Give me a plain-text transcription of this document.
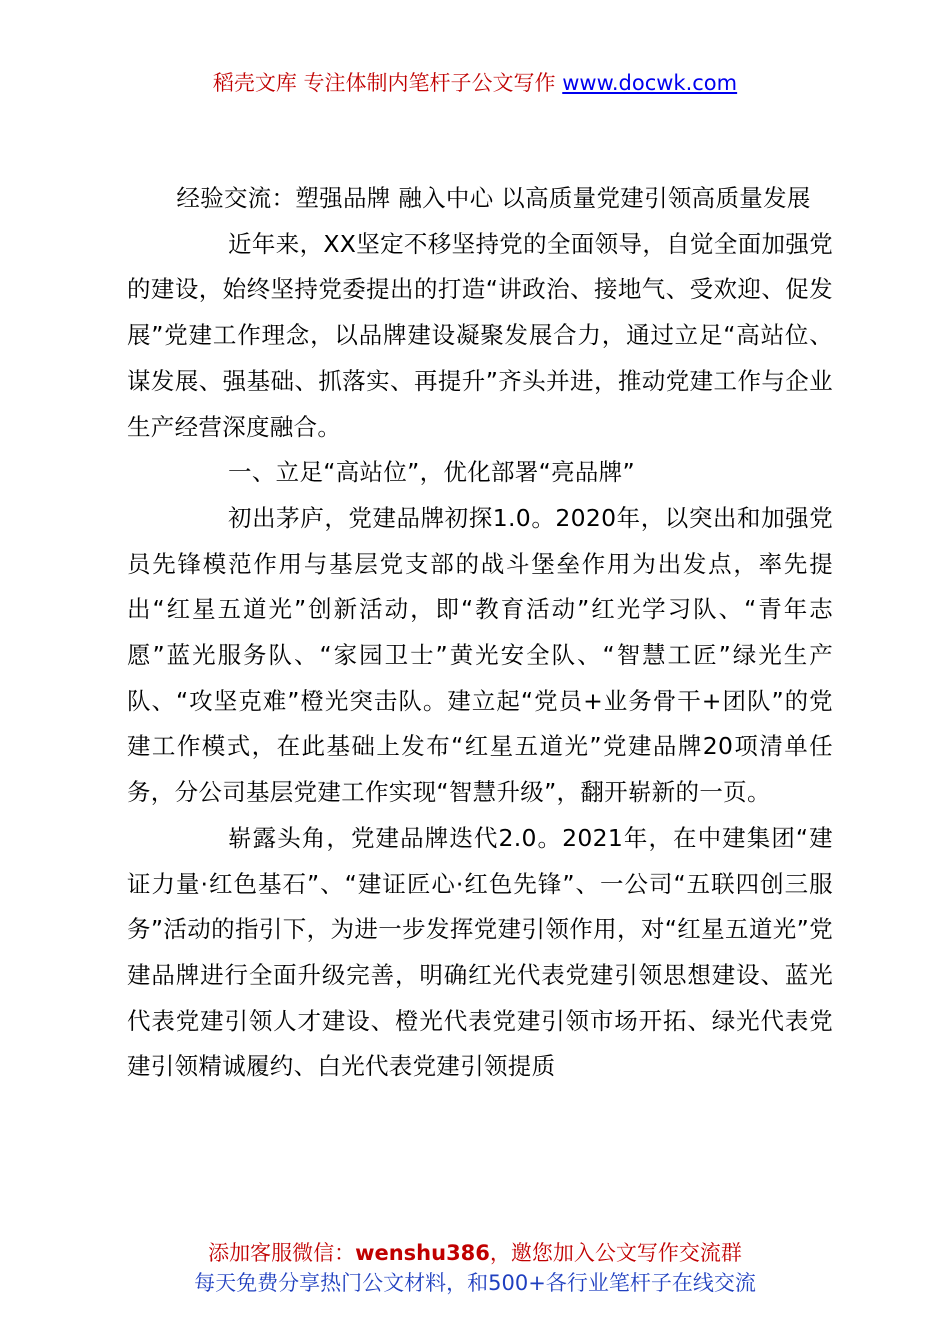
稻壳文库 专注体制内笔杆子公文写作 www.docwk.com

经验交流：塑强品牌 融入中心 以高质量党建引领高质量发展

近年来，XX坚定不移坚持党的全面领导，自觉全面加强党的建设，始终坚持党委提出的打造“讲政治、接地气、受欢迎、促发展”党建工作理念，以品牌建设凝聚发展合力，通过立足“高站位、谋发展、强基础、抓落实、再提升”齐头并进，推动党建工作与企业生产经营深度融合。

一、立足“高站位”，优化部署“亮品牌”

初出茅庐，党建品牌初探1.0。2020年，以突出和加强党员先锋模范作用与基层党支部的战斗堡垒作用为出发点，率先提出“红星五道光”创新活动，即“教育活动”红光学习队、“青年志愿”蓝光服务队、“家园卫士”黄光安全队、“智慧工匠”绿光生产队、“攻坚克难”橙光突击队。建立起“党员+业务骨干+团队”的党建工作模式，在此基础上发布“红星五道光”党建品牌20项清单任务，分公司基层党建工作实现“智慧升级”，翻开崭新的一页。

崭露头角，党建品牌迭代2.0。2021年，在中建集团“建证力量·红色基石”、“建证匠心·红色先锋”、一公司“五联四创三服务”活动的指引下，为进一步发挥党建引领作用，对“红星五道光”党建品牌进行全面升级完善，明确红光代表党建引领思想建设、蓝光代表党建引领人才建设、橙光代表党建引领市场开拓、绿光代表党建引领精诚履约、白光代表党建引领提质

添加客服微信：wenshu386，邀您加入公文写作交流群
每天免费分享热门公文材料，和500+各行业笔杆子在线交流
